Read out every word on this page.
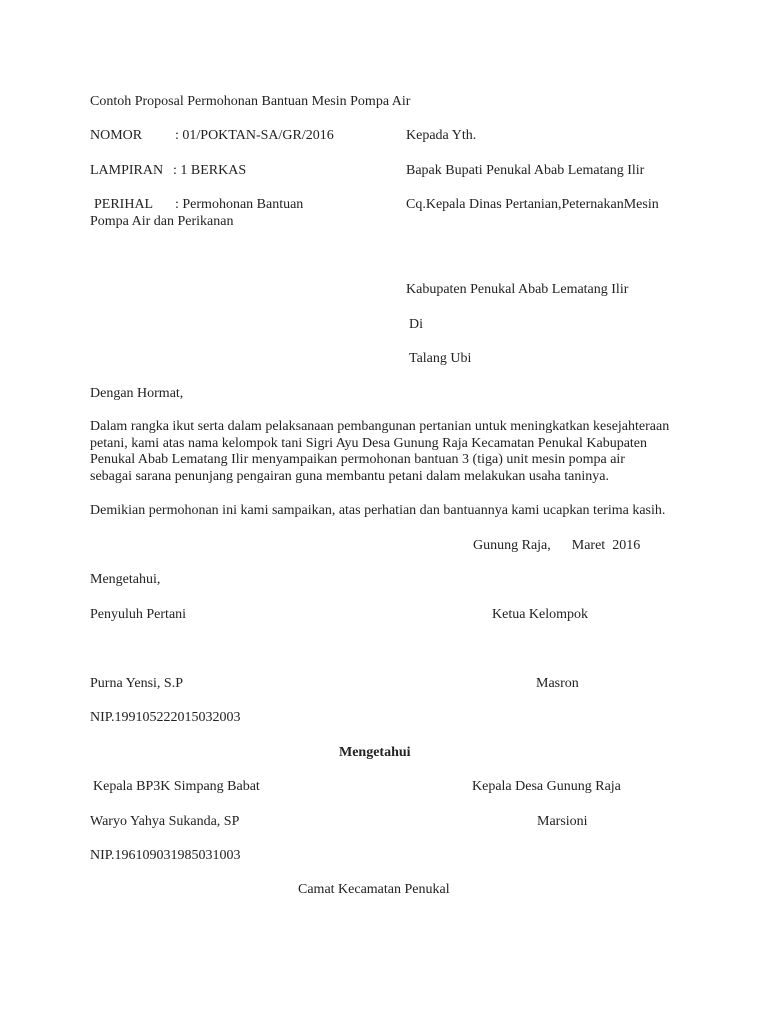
Contoh Proposal Permohonan Bantuan Mesin Pompa Air
NOMOR : 01/POKTAN-SA/GR/2016	Kepada Yth.
LAMPIRAN : 1 BERKAS	Bapak Bupati Penukal Abab Lematang Ilir
PERIHAL : Permohonan Bantuan	Cq.Kepala Dinas Pertanian,PeternakanMesin
Pompa Air dan Perikanan
Kabupaten Penukal Abab Lematang Ilir
Di
Talang Ubi
Dengan Hormat,
Dalam rangka ikut serta dalam pelaksanaan pembangunan pertanian untuk meningkatkan kesejahteraan petani, kami atas nama kelompok tani Sigri Ayu Desa Gunung Raja Kecamatan Penukal Kabupaten Penukal Abab Lematang Ilir menyampaikan permohonan bantuan 3 (tiga) unit mesin pompa air sebagai sarana penunjang pengairan guna membantu petani dalam melakukan usaha taninya.
Demikian permohonan ini kami sampaikan, atas perhatian dan bantuannya kami ucapkan terima kasih.
Gunung Raja,      Maret  2016
Mengetahui,
Penyuluh Pertani	Ketua Kelompok
Purna Yensi, S.P	Masron
NIP.199105222015032003
Mengetahui
Kepala BP3K Simpang Babat	Kepala Desa Gunung Raja
Waryo Yahya Sukanda, SP	Marsioni
NIP.196109031985031003
Camat Kecamatan Penukal
